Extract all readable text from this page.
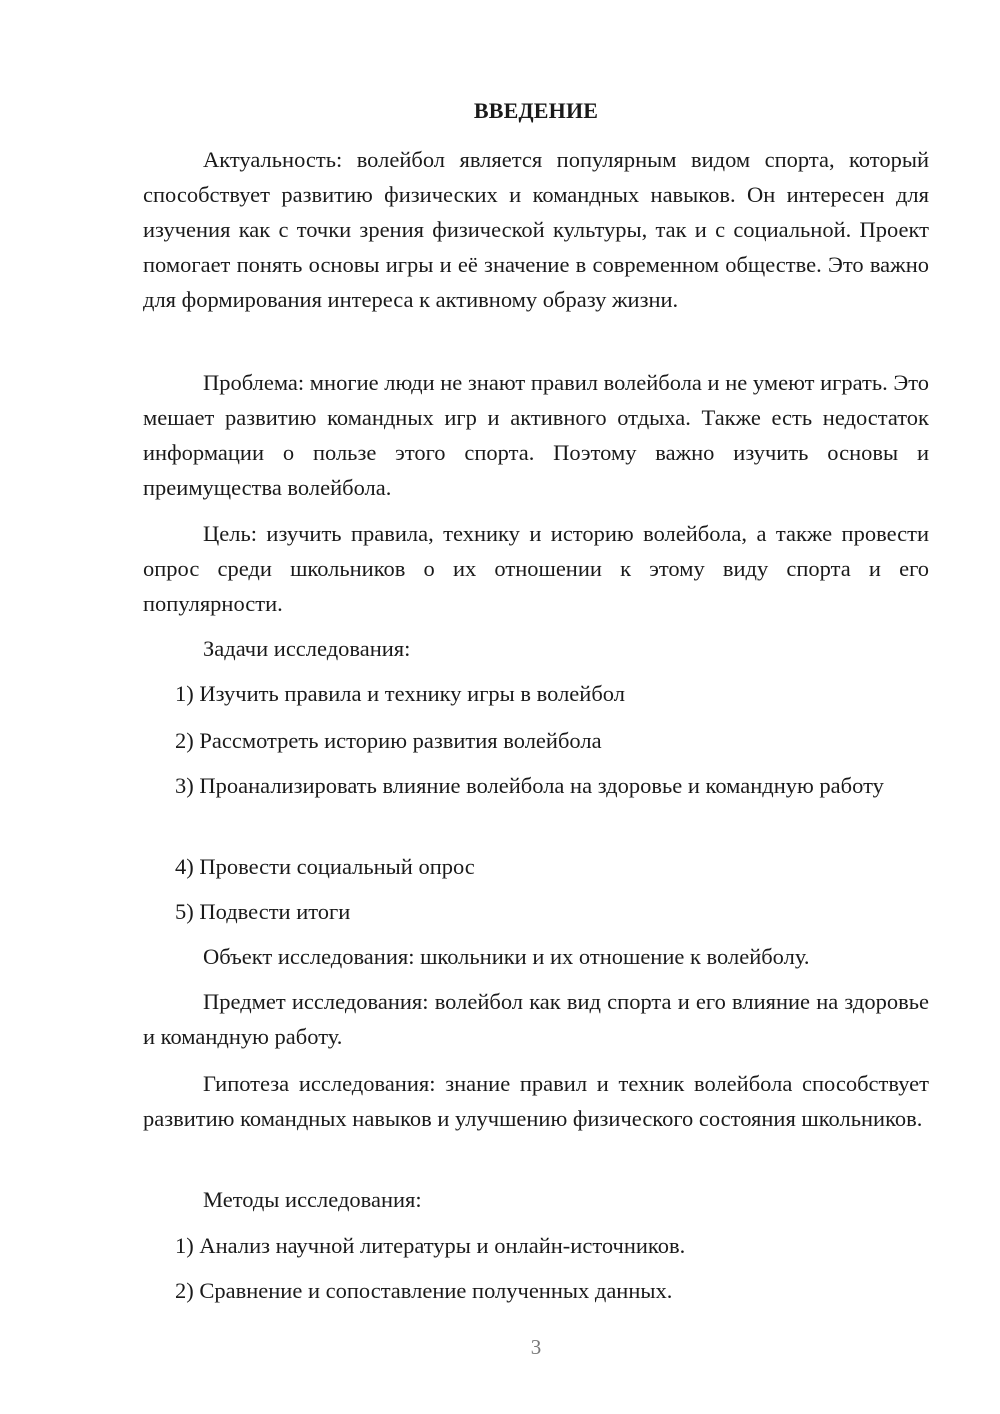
ВВЕДЕНИЕ

Актуальность: волейбол является популярным видом спорта, который способствует развитию физических и командных навыков. Он интересен для изучения как с точки зрения физической культуры, так и с социальной. Проект помогает понять основы игры и её значение в современном обществе. Это важно для формирования интереса к активному образу жизни.

Проблема: многие люди не знают правил волейбола и не умеют играть. Это мешает развитию командных игр и активного отдыха. Также есть недостаток информации о пользе этого спорта. Поэтому важно изучить основы и преимущества волейбола.

Цель: изучить правила, технику и историю волейбола, а также провести опрос среди школьников о их отношении к этому виду спорта и его популярности.

Задачи исследования:

1) Изучить правила и технику игры в волейбол

2) Рассмотреть историю развития волейбола

3) Проанализировать влияние волейбола на здоровье и командную работу

4) Провести социальный опрос

5) Подвести итоги

Объект исследования: школьники и их отношение к волейболу.

Предмет исследования: волейбол как вид спорта и его влияние на здоровье и командную работу.

Гипотеза исследования: знание правил и техник волейбола способствует развитию командных навыков и улучшению физического состояния школьников.

Методы исследования:

1) Анализ научной литературы и онлайн-источников.

2) Сравнение и сопоставление полученных данных.

3
